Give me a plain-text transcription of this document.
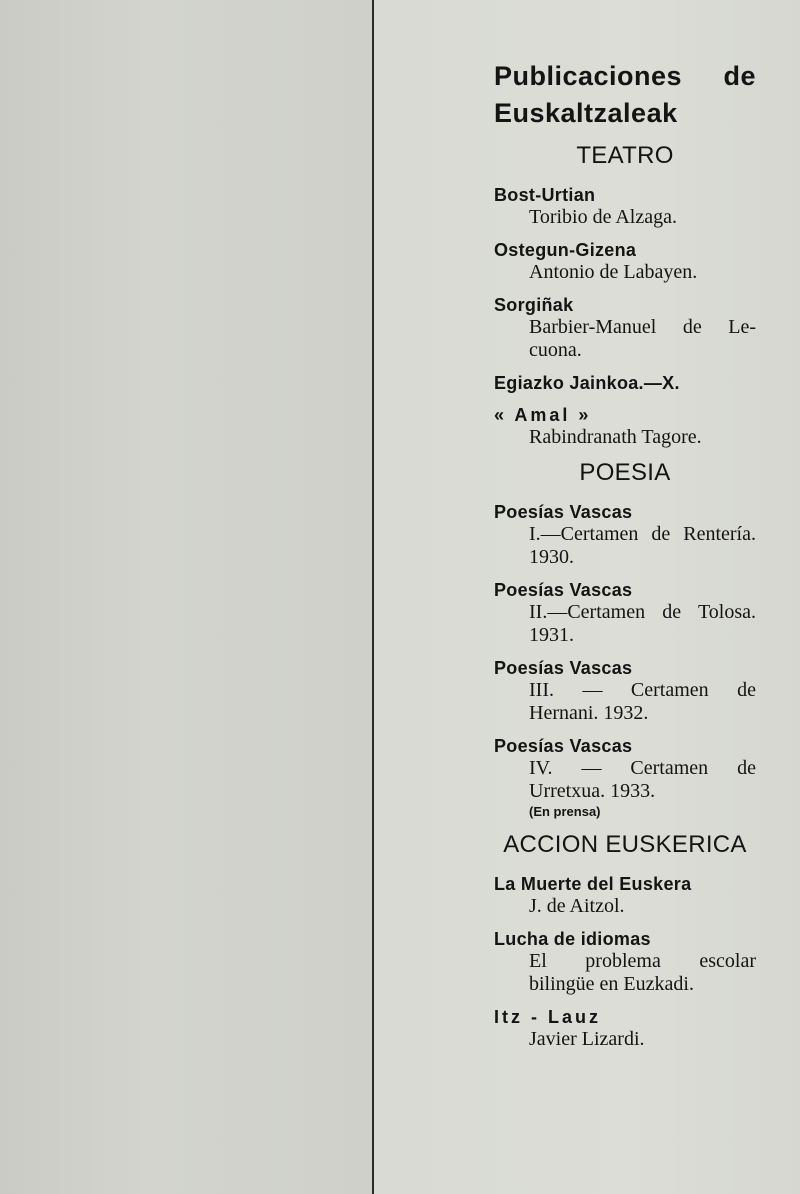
Publicaciones de
Euskaltzaleak
TEATRO
Bost-Urtian
Toribio de Alzaga.
Ostegun-Gizena
Antonio de Labayen.
Sorgiñak
Barbier-Manuel de Le-cuona.
Egiazko Jainkoa.—X.
« Amal »
Rabindranath Tagore.
POESIA
Poesías Vascas
I.—Certamen de Rentería. 1930.
Poesías Vascas
II.—Certamen de Tolosa. 1931.
Poesías Vascas
III. — Certamen de Hernani. 1932.
Poesías Vascas
IV. — Certamen de Urretxua. 1933.
(En prensa)
ACCION EUSKERICA
La Muerte del Euskera
J. de Aitzol.
Lucha de idiomas
El problema escolar bilingüe en Euzkadi.
Itz - Lauz
Javier Lizardi.
